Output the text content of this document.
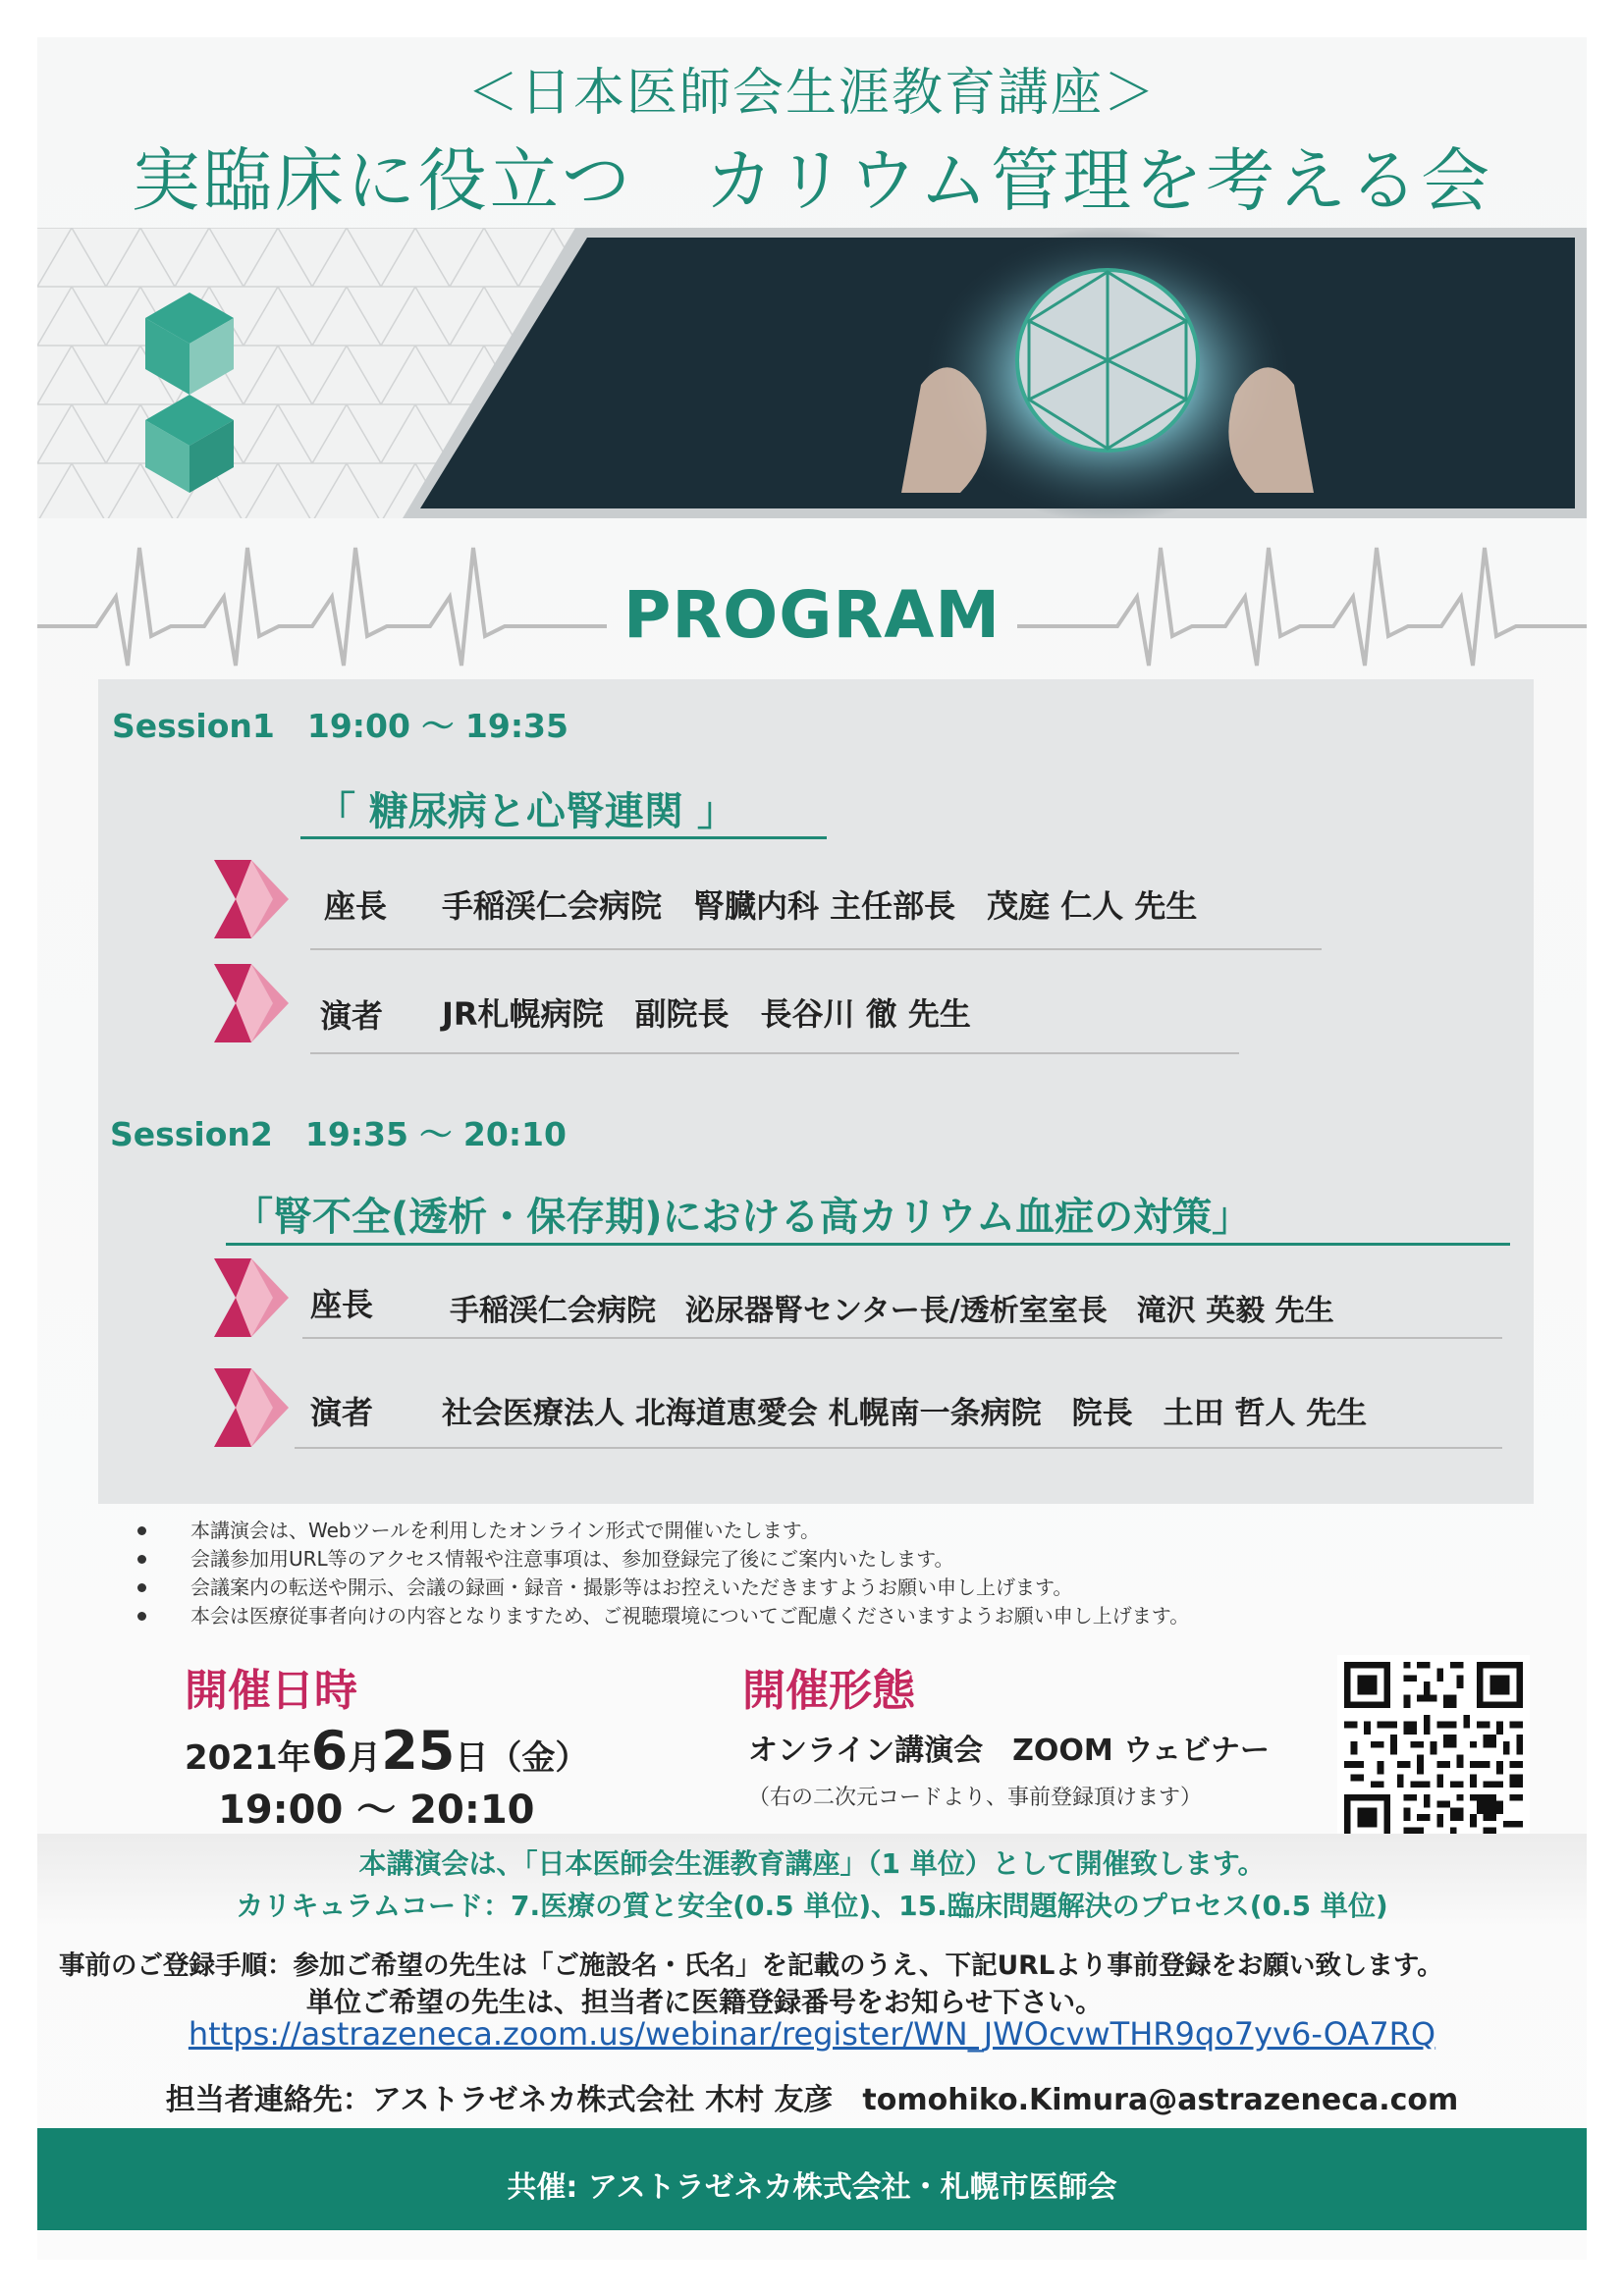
＜日本医師会生涯教育講座＞
実臨床に役立つ　カリウム管理を考える会
PROGRAM
Session1　19:00 ～ 19:35
「 糖尿病と心腎連関 」
座長 手稲渓仁会病院　腎臓内科 主任部長　茂庭 仁人 先生
演者 JR札幌病院　副院長　長谷川 徹 先生
Session2　19:35 ～ 20:10
「腎不全(透析・保存期)における高カリウム血症の対策」
座長	手稲渓仁会病院　泌尿器腎センター長/透析室室長　滝沢 英毅 先生
演者 社会医療法人 北海道恵愛会 札幌南一条病院　院長　土田 哲人 先生
本講演会は、Webツールを利用したオンライン形式で開催いたします。
会議参加用URL等のアクセス情報や注意事項は、参加登録完了後にご案内いたします。
会議案内の転送や開示、会議の録画・録音・撮影等はお控えいただきますようお願い申し上げます。
本会は医療従事者向けの内容となりますため、ご視聴環境についてご配慮くださいますようお願い申し上げます。
開催日時
2021年6月25日（金）
19:00 ～ 20:10
開催形態
オンライン講演会　ZOOM ウェビナー
（右の二次元コードより、事前登録頂けます）
本講演会は、「日本医師会生涯教育講座」（1 単位）として開催致します。
カリキュラムコード：7.医療の質と安全(0.5 単位)、15.臨床問題解決のプロセス(0.5 単位)
事前のご登録手順：参加ご希望の先生は「ご施設名・氏名」を記載のうえ、下記URLより事前登録をお願い致します。
単位ご希望の先生は、担当者に医籍登録番号をお知らせ下さい。
https://astrazeneca.zoom.us/webinar/register/WN_JWOcvwTHR9qo7yv6-OA7RQ
担当者連絡先：アストラゼネカ株式会社 木村 友彦　tomohiko.Kimura@astrazeneca.com
共催: アストラゼネカ株式会社・札幌市医師会
